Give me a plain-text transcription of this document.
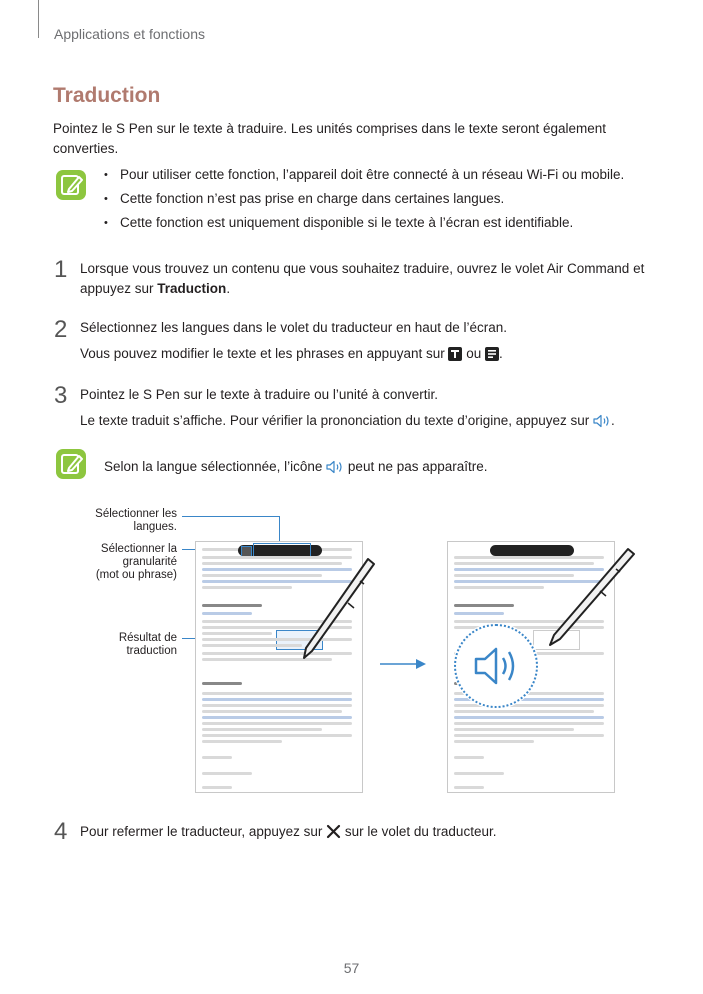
Applications et fonctions
Traduction
Pointez le S Pen sur le texte à traduire. Les unités comprises dans le texte seront également converties.
• Pour utiliser cette fonction, l’appareil doit être connecté à un réseau Wi-Fi ou mobile.
• Cette fonction n’est pas prise en charge dans certaines langues.
• Cette fonction est uniquement disponible si le texte à l’écran est identifiable.
1 Lorsque vous trouvez un contenu que vous souhaitez traduire, ouvrez le volet Air Command et
appuyez sur Traduction.
2 Sélectionnez les langues dans le volet du traducteur en haut de l’écran.
Vous pouvez modifier le texte et les phrases en appuyant sur  ou .
3 Pointez le S Pen sur le texte à traduire ou l’unité à convertir.
Le texte traduit s’affiche. Pour vérifier la prononciation du texte d’origine, appuyez sur .
Selon la langue sélectionnée, l’icône  peut ne pas apparaître.
Sélectionner les
langues.
Sélectionner la
granularité
(mot ou phrase)
Résultat de
traduction
4 Pour refermer le traducteur, appuyez sur  sur le volet du traducteur.
57
